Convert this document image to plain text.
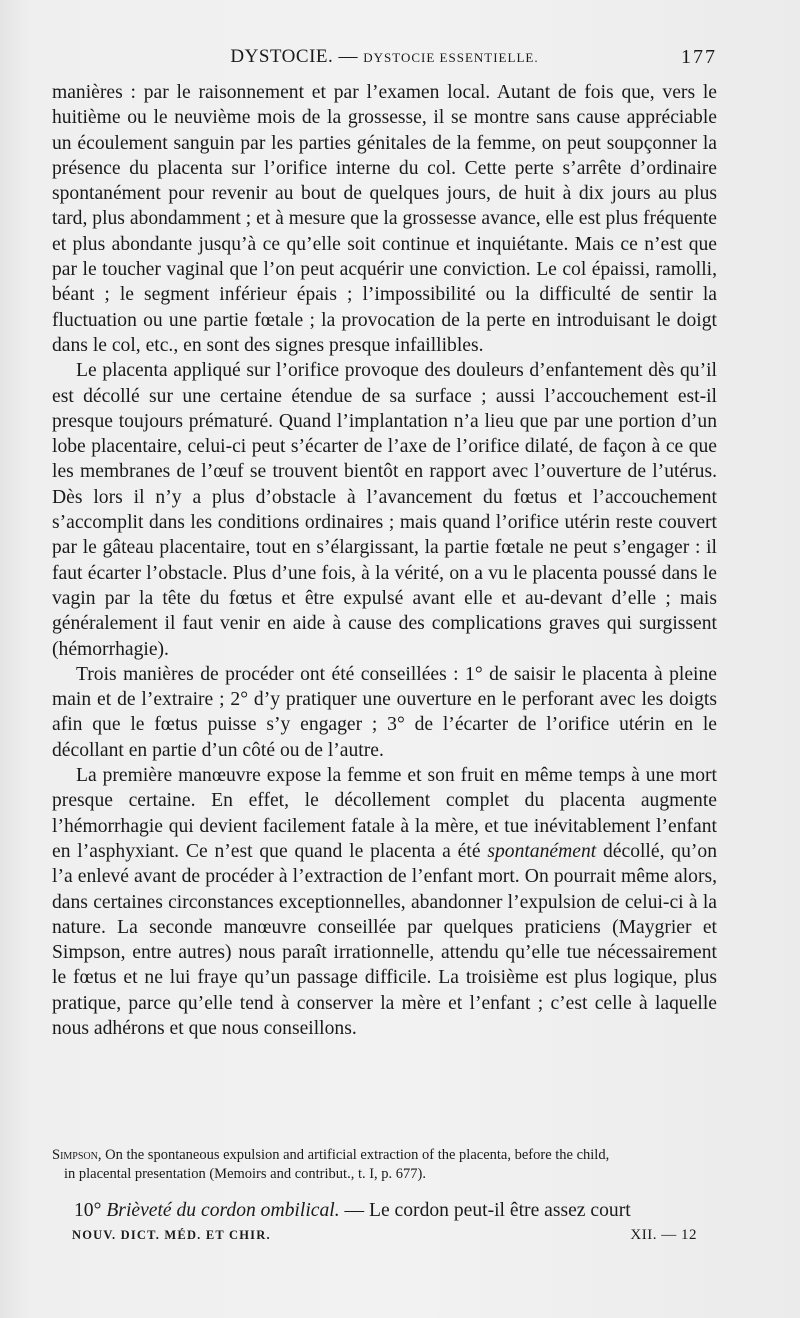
DYSTOCIE. — DYSTOCIE ESSENTIELLE.	177

manières : par le raisonnement et par l’examen local. Autant de fois que, vers le huitième ou le neuvième mois de la grossesse, il se montre sans cause appréciable un écoulement sanguin par les parties génitales de la femme, on peut soupçonner la présence du placenta sur l’orifice interne du col. Cette perte s’arrête d’ordinaire spontanément pour revenir au bout de quelques jours, de huit à dix jours au plus tard, plus abondamment ; et à mesure que la grossesse avance, elle est plus fréquente et plus abondante jusqu’à ce qu’elle soit continue et inquiétante. Mais ce n’est que par le toucher vaginal que l’on peut acquérir une conviction. Le col épaissi, ramolli, béant ; le segment inférieur épais ; l’impossibilité ou la difficulté de sentir la fluctuation ou une partie fœtale ; la provocation de la perte en introduisant le doigt dans le col, etc., en sont des signes presque infaillibles.

Le placenta appliqué sur l’orifice provoque des douleurs d’enfantement dès qu’il est décollé sur une certaine étendue de sa surface ; aussi l’accouchement est-il presque toujours prématuré. Quand l’implantation n’a lieu que par une portion d’un lobe placentaire, celui-ci peut s’écarter de l’axe de l’orifice dilaté, de façon à ce que les membranes de l’œuf se trouvent bientôt en rapport avec l’ouverture de l’utérus. Dès lors il n’y a plus d’obstacle à l’avancement du fœtus et l’accouchement s’accomplit dans les conditions ordinaires ; mais quand l’orifice utérin reste couvert par le gâteau placentaire, tout en s’élargissant, la partie fœtale ne peut s’engager : il faut écarter l’obstacle. Plus d’une fois, à la vérité, on a vu le placenta poussé dans le vagin par la tête du fœtus et être expulsé avant elle et au-devant d’elle ; mais généralement il faut venir en aide à cause des complications graves qui surgissent (hémorrhagie).

Trois manières de procéder ont été conseillées : 1° de saisir le placenta à pleine main et de l’extraire ; 2° d’y pratiquer une ouverture en le perforant avec les doigts afin que le fœtus puisse s’y engager ; 3° de l’écarter de l’orifice utérin en le décollant en partie d’un côté ou de l’autre.

La première manœuvre expose la femme et son fruit en même temps à une mort presque certaine. En effet, le décollement complet du placenta augmente l’hémorrhagie qui devient facilement fatale à la mère, et tue inévitablement l’enfant en l’asphyxiant. Ce n’est que quand le placenta a été spontanément décollé, qu’on l’a enlevé avant de procéder à l’extraction de l’enfant mort. On pourrait même alors, dans certaines circonstances exceptionnelles, abandonner l’expulsion de celui-ci à la nature. La seconde manœuvre conseillée par quelques praticiens (Maygrier et Simpson, entre autres) nous paraît irrationnelle, attendu qu’elle tue nécessairement le fœtus et ne lui fraye qu’un passage difficile. La troisième est plus logique, plus pratique, parce qu’elle tend à conserver la mère et l’enfant ; c’est celle à laquelle nous adhérons et que nous conseillons.

Simpson, On the spontaneous expulsion and artificial extraction of the placenta, before the child,

in placental presentation (Memoirs and contribut., t. I, p. 677).

10° Brièveté du cordon ombilical. — Le cordon peut-il être assez court
NOUV. DICT. MÉD. ET CHIR.	XII. — 12
